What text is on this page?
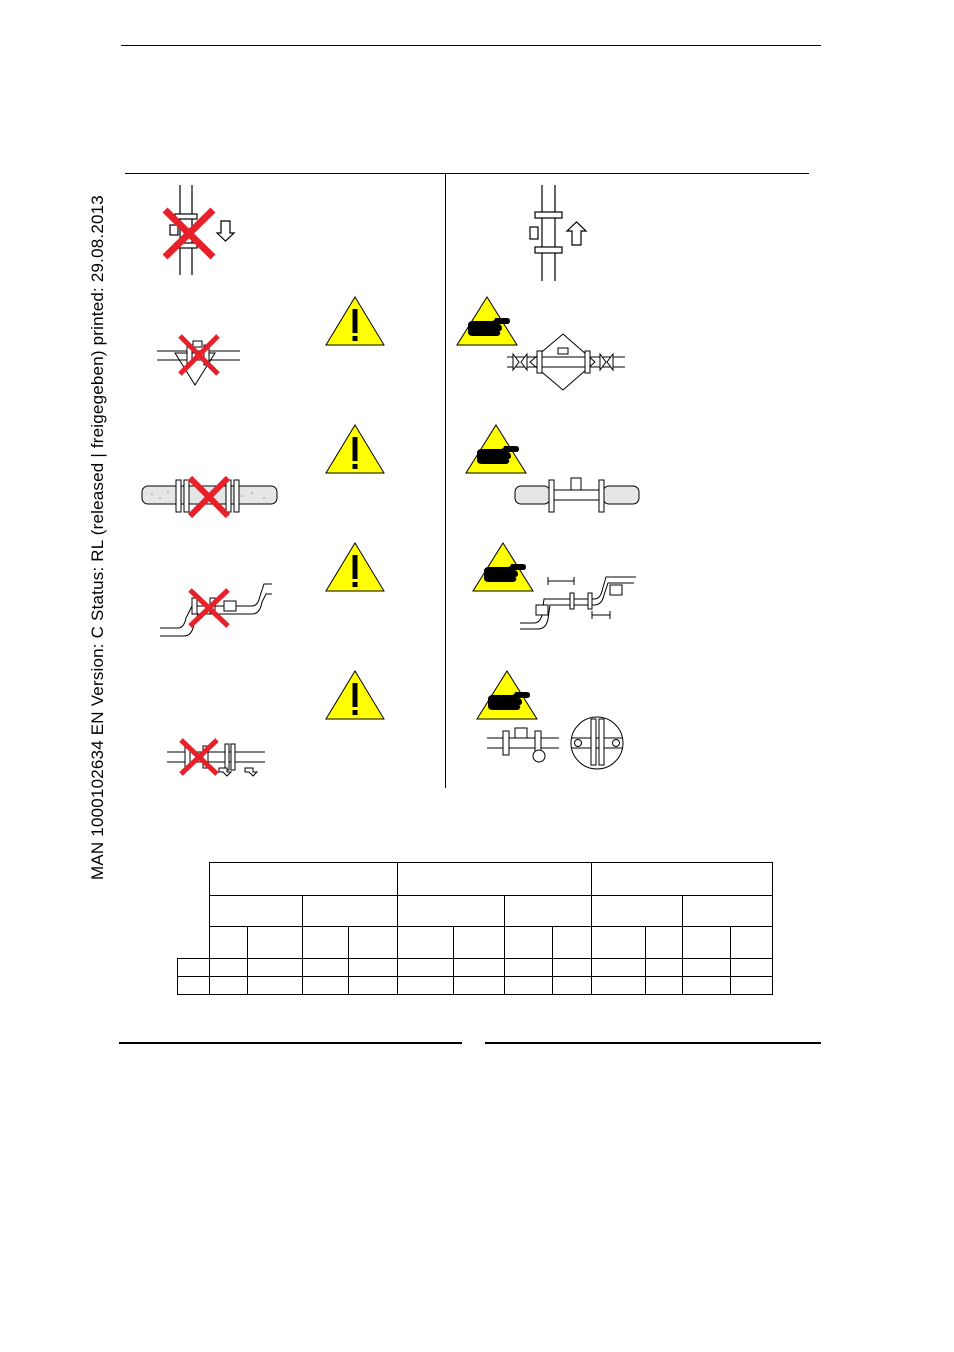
MAN 1000102634 EN Version: C Status: RL (released | freigegeben) printed: 29.08.2013
